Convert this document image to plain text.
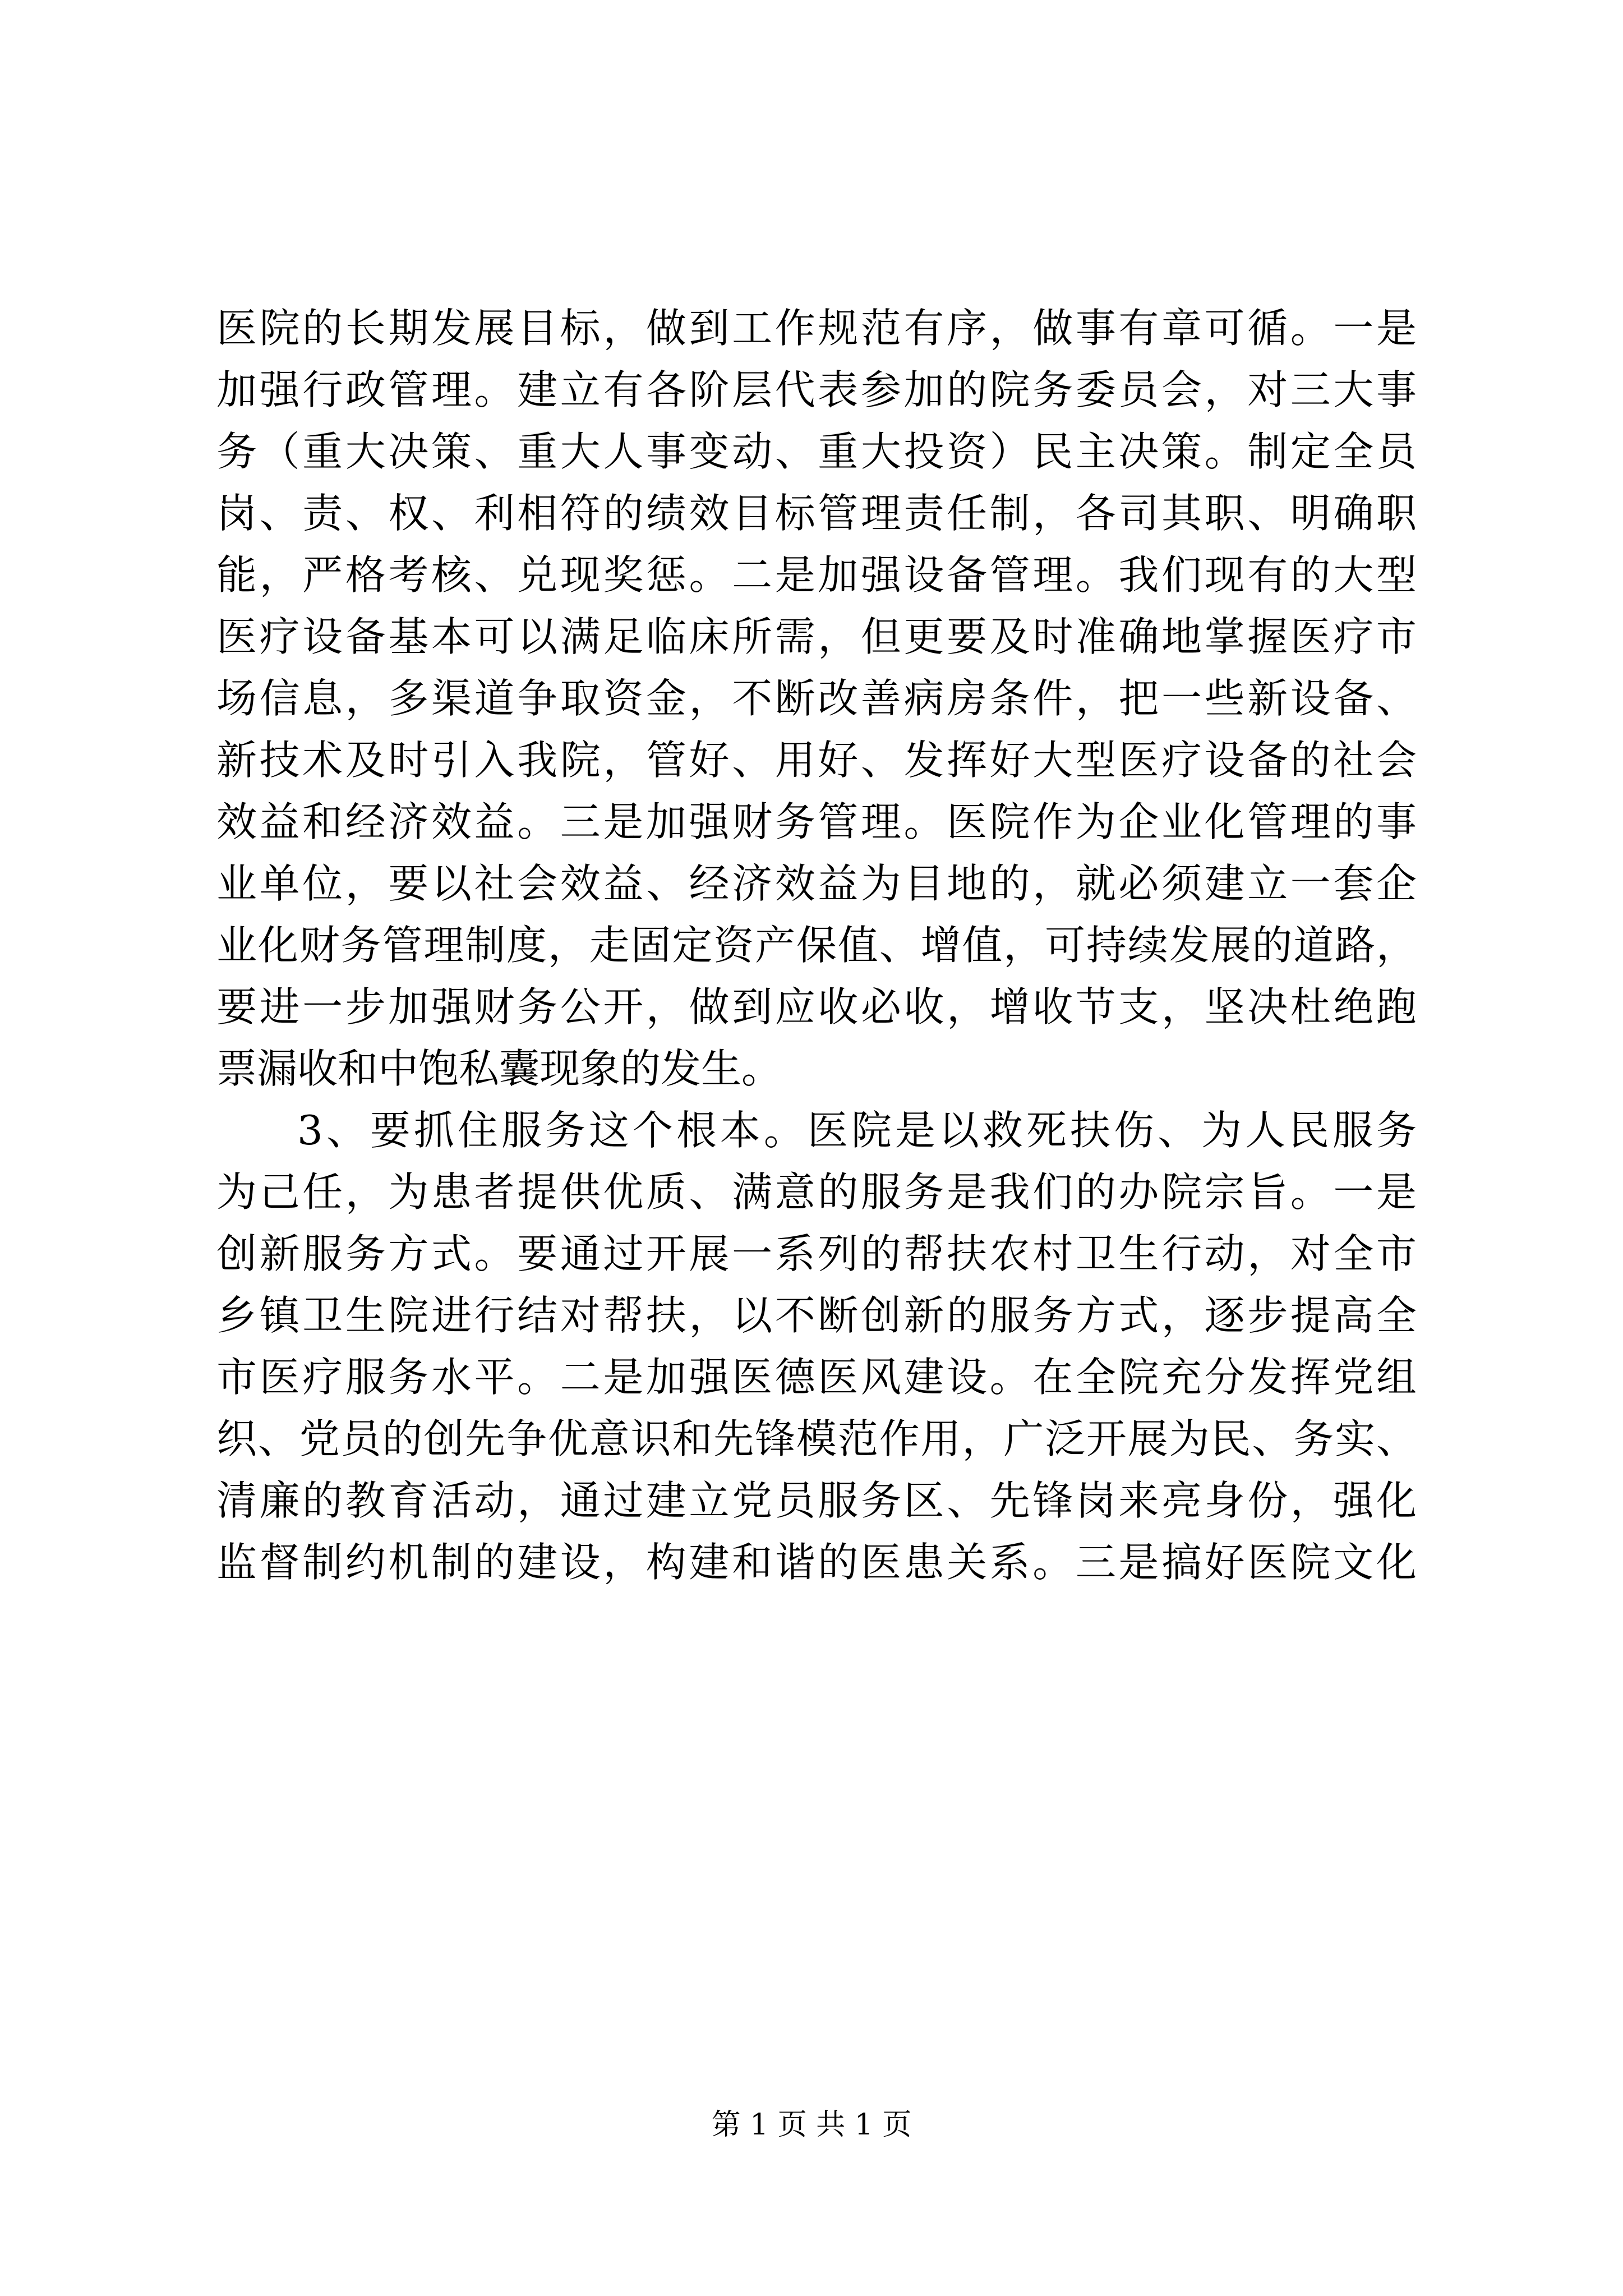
医院的长期发展目标，做到工作规范有序，做事有章可循。一是
加强行政管理。建立有各阶层代表参加的院务委员会，对三大事
务（重大决策、重大人事变动、重大投资）民主决策。制定全员
岗、责、权、利相符的绩效目标管理责任制，各司其职、明确职
能，严格考核、兑现奖惩。二是加强设备管理。我们现有的大型
医疗设备基本可以满足临床所需，但更要及时准确地掌握医疗市
场信息，多渠道争取资金，不断改善病房条件，把一些新设备、
新技术及时引入我院，管好、用好、发挥好大型医疗设备的社会
效益和经济效益。三是加强财务管理。医院作为企业化管理的事
业单位，要以社会效益、经济效益为目地的，就必须建立一套企
业化财务管理制度，走固定资产保值、增值，可持续发展的道路，
要进一步加强财务公开，做到应收必收，增收节支，坚决杜绝跑
票漏收和中饱私囊现象的发生。
3、要抓住服务这个根本。医院是以救死扶伤、为人民服务
为己任，为患者提供优质、满意的服务是我们的办院宗旨。一是
创新服务方式。要通过开展一系列的帮扶农村卫生行动，对全市
乡镇卫生院进行结对帮扶，以不断创新的服务方式，逐步提高全
市医疗服务水平。二是加强医德医风建设。在全院充分发挥党组
织、党员的创先争优意识和先锋模范作用，广泛开展为民、务实、
清廉的教育活动，通过建立党员服务区、先锋岗来亮身份，强化
监督制约机制的建设，构建和谐的医患关系。三是搞好医院文化
第 1 页 共 1 页
